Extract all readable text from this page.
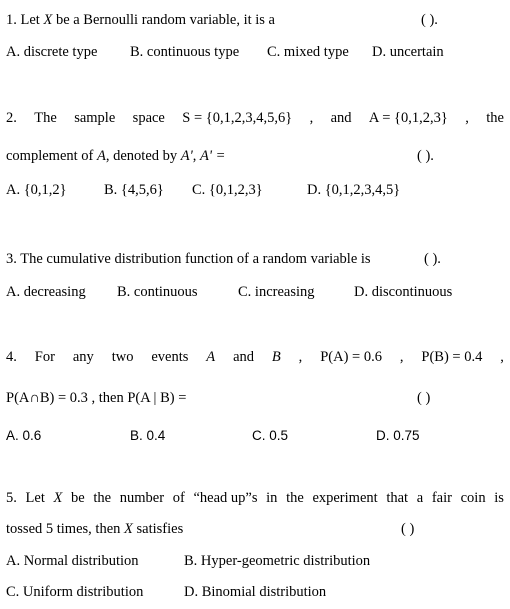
1. Let X be a Bernoulli random variable, it is a	( ).
A. discrete type B. continuous type C. mixed type D. uncertain
2. The sample space S = {0,1,2,3,4,5,6} , and A = {0,1,2,3} , the
complement of A, denoted by A', A' =	( ).
A. {0,1,2}	B. {4,5,6} C. {0,1,2,3}	D. {0,1,2,3,4,5}
3. The cumulative distribution function of a random variable is	( ).
A. decreasing B. continuous	C. increasing	D. discontinuous
4. For any two events A and B , P(A) = 0.6 , P(B) = 0.4 ,
P(A∩B) = 0.3 , then P(A | B) =	( )
A. 0.6	B. 0.4	C. 0.5	D. 0.75
5. Let X be the number of “head up”s in the experiment that a fair coin is
tossed 5 times, then X satisfies	( )
A. Normal distribution	B. Hyper-geometric distribution
C. Uniform distribution	D. Binomial distribution
